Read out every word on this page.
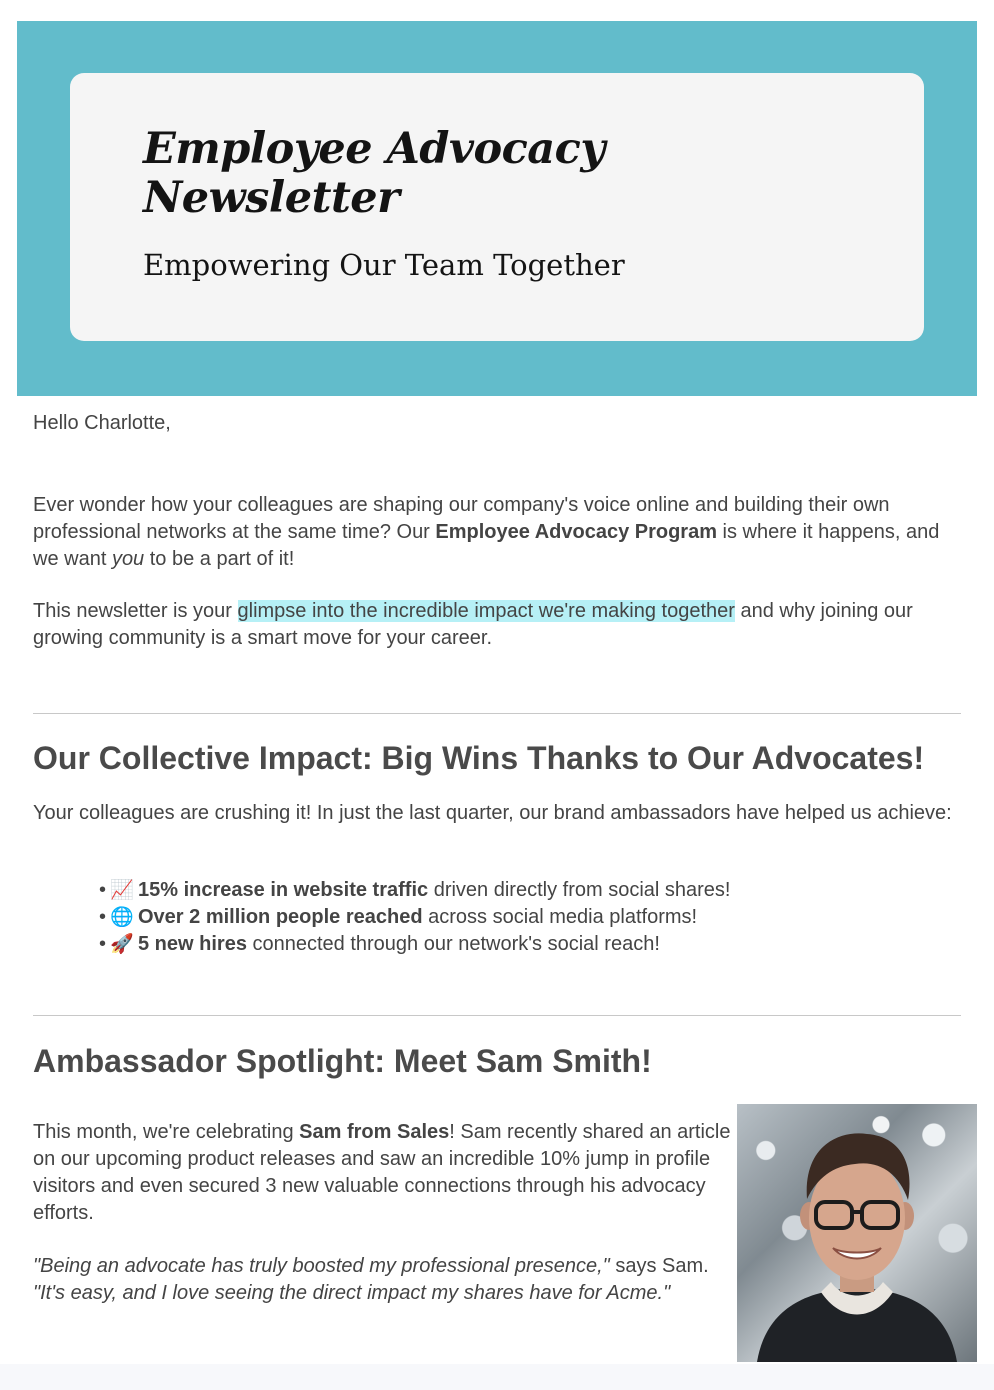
Employee Advocacy Newsletter

Empowering Our Team Together

Hello Charlotte,

Ever wonder how your colleagues are shaping our company's voice online and building their own professional networks at the same time? Our Employee Advocacy Program is where it happens, and we want you to be a part of it!

This newsletter is your glimpse into the incredible impact we're making together and why joining our growing community is a smart move for your career.

Our Collective Impact: Big Wins Thanks to Our Advocates!

Your colleagues are crushing it! In just the last quarter, our brand ambassadors have helped us achieve:

• 📈 15% increase in website traffic driven directly from social shares!
• 🌐 Over 2 million people reached across social media platforms!
• 🚀 5 new hires connected through our network's social reach!
Ambassador Spotlight: Meet Sam Smith!

This month, we're celebrating Sam from Sales! Sam recently shared an article on our upcoming product releases and saw an incredible 10% jump in profile visitors and even secured 3 new valuable connections through his advocacy efforts.

"Being an advocate has truly boosted my professional presence," says Sam. "It's easy, and I love seeing the direct impact my shares have for Acme."
